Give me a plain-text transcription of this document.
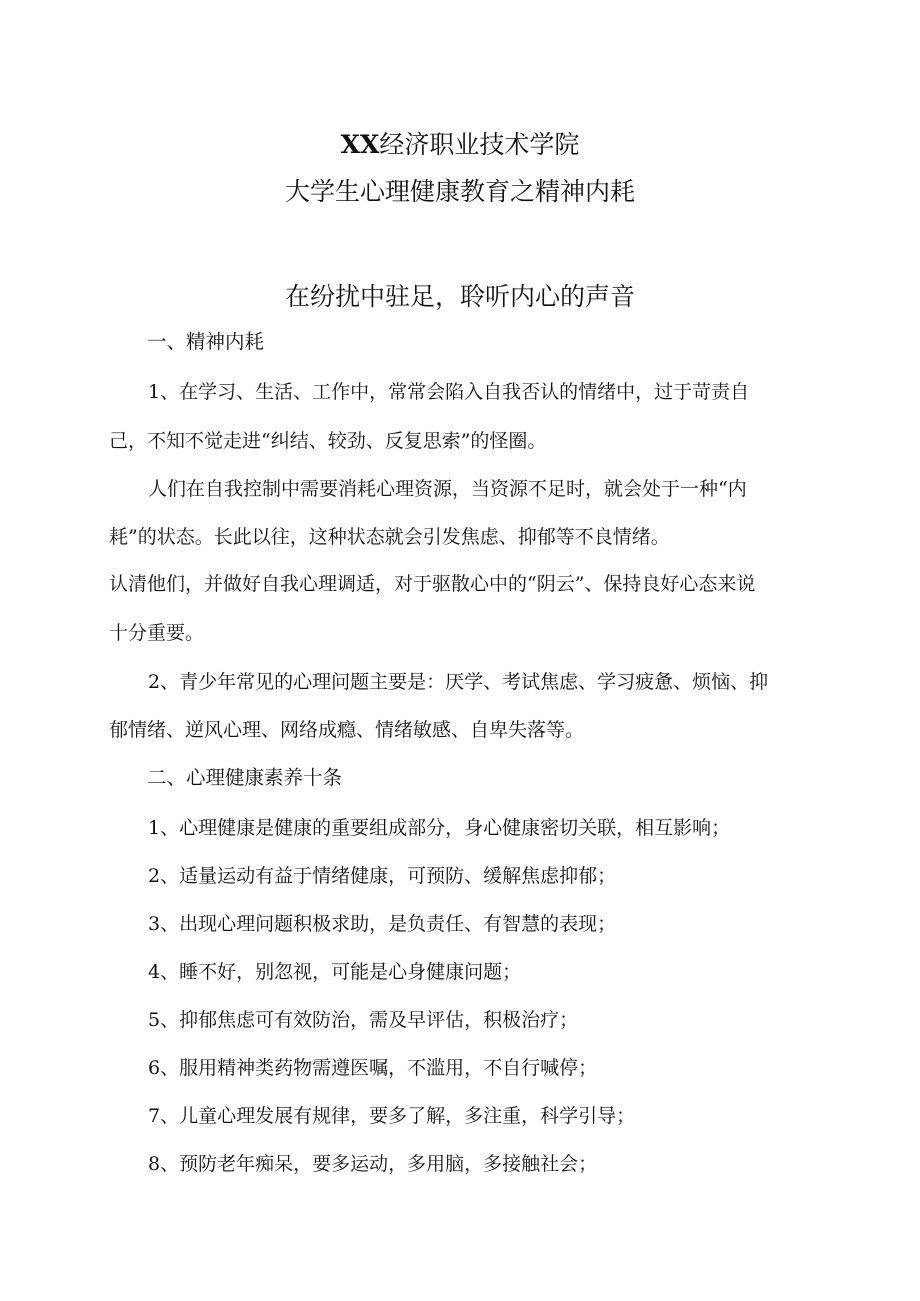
XX经济职业技术学院
大学生心理健康教育之精神内耗
在纷扰中驻足，聆听内心的声音
一、精神内耗
1、在学习、生活、工作中，常常会陷入自我否认的情绪中，过于苛责自
己，不知不觉走进“纠结、较劲、反复思索”的怪圈。
人们在自我控制中需要消耗心理资源，当资源不足时，就会处于一种“内
耗”的状态。长此以往，这种状态就会引发焦虑、抑郁等不良情绪。
认清他们，并做好自我心理调适，对于驱散心中的“阴云”、保持良好心态来说
十分重要。
2、青少年常见的心理问题主要是：厌学、考试焦虑、学习疲惫、烦恼、抑
郁情绪、逆风心理、网络成瘾、情绪敏感、自卑失落等。
二、心理健康素养十条
1、心理健康是健康的重要组成部分，身心健康密切关联，相互影响；
2、适量运动有益于情绪健康，可预防、缓解焦虑抑郁；
3、出现心理问题积极求助，是负责任、有智慧的表现；
4、睡不好，别忽视，可能是心身健康问题；
5、抑郁焦虑可有效防治，需及早评估，积极治疗；
6、服用精神类药物需遵医嘱，不滥用，不自行喊停；
7、儿童心理发展有规律，要多了解，多注重，科学引导；
8、预防老年痴呆，要多运动，多用脑，多接触社会；
